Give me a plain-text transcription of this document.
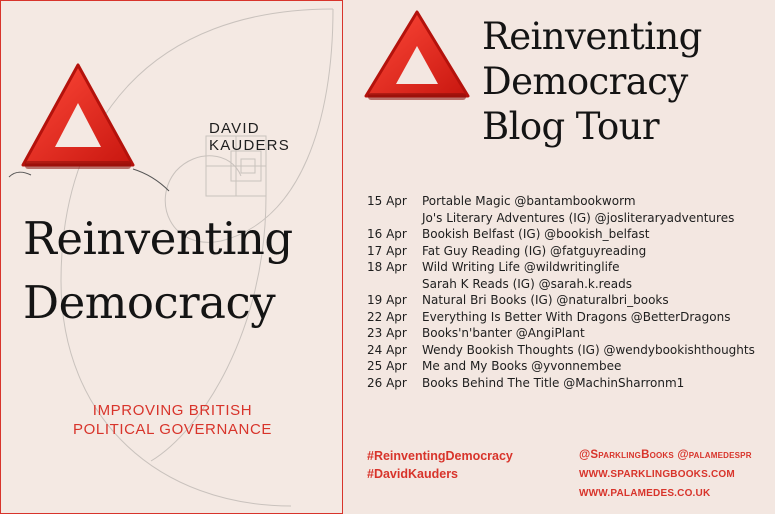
DAVID KAUDERS
Reinventing
Democracy
IMPROVING BRITISH
POLITICAL GOVERNANCE
Reinventing
Democracy
Blog Tour
15 Apr	Portable Magic @bantambookworm
Jo's Literary Adventures (IG) @josliteraryadventures
16 Apr	Bookish Belfast (IG) @bookish_belfast
17 Apr	Fat Guy Reading (IG) @fatguyreading
18 Apr	Wild Writing Life @wildwritinglife
Sarah K Reads (IG) @sarah.k.reads
19 Apr	Natural Bri Books (IG) @naturalbri_books
22 Apr	Everything Is Better With Dragons @BetterDragons
23 Apr	Books'n'banter @AngiPlant
24 Apr	Wendy Bookish Thoughts (IG) @wendybookishthoughts
25 Apr	Me and My Books @yvonnembee
26 Apr	Books Behind The Title @MachinSharronm1
#ReinventingDemocracy
#DavidKauders
@SparklingBooks @palamedespr
WWW.SPARKLINGBOOKS.COM
WWW.PALAMEDES.CO.UK
